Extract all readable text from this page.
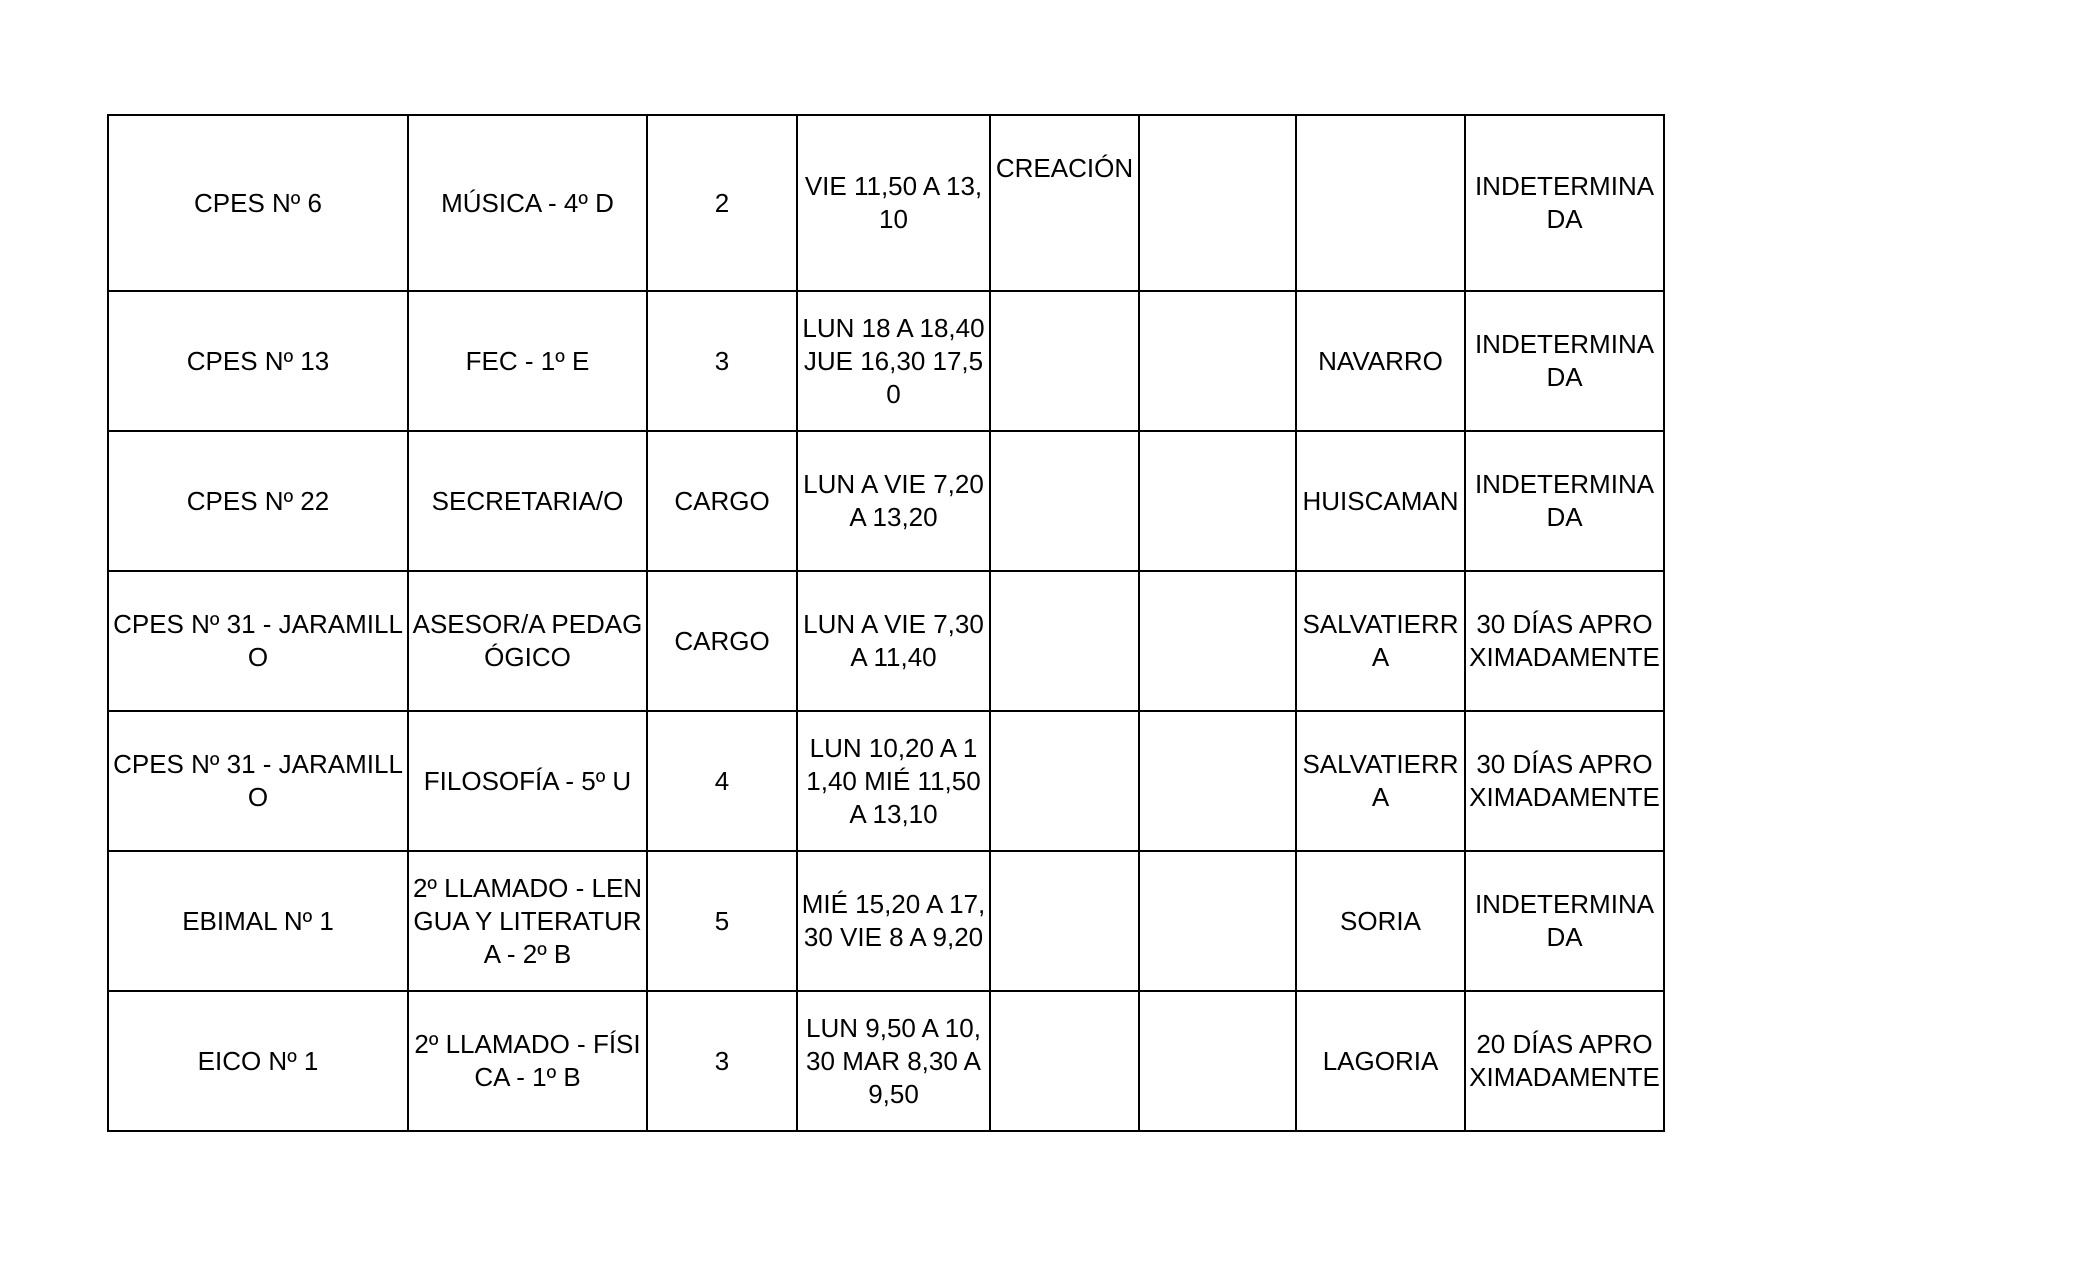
CPES Nº 6	MÚSICA - 4º D	2	VIE 11,50 A 13,10	CREACIÓN			INDETERMINADA
CPES Nº 13	FEC - 1º E	3	LUN 18 A 18,40 JUE 16,30 17,50			NAVARRO	INDETERMINADA
CPES Nº 22	SECRETARIA/O	CARGO	LUN A VIE 7,20 A 13,20			HUISCAMAN	INDETERMINADA
CPES Nº 31 - JARAMILLO	ASESOR/A PEDAGÓGICO	CARGO	LUN A VIE 7,30 A 11,40			SALVATIERRA	30 DÍAS APROXIMADAMENTE
CPES Nº 31 - JARAMILLO	FILOSOFÍA - 5º U	4	LUN 10,20 A 11,40 MIÉ 11,50 A 13,10			SALVATIERRA	30 DÍAS APROXIMADAMENTE
EBIMAL Nº 1	2º LLAMADO - LENGUA Y LITERATURA - 2º B	5	MIÉ 15,20 A 17,30 VIE 8 A 9,20			SORIA	INDETERMINADA
EICO Nº 1	2º LLAMADO - FÍSICA - 1º B	3	LUN 9,50 A 10,30 MAR 8,30 A 9,50			LAGORIA	20 DÍAS APROXIMADAMENTE
